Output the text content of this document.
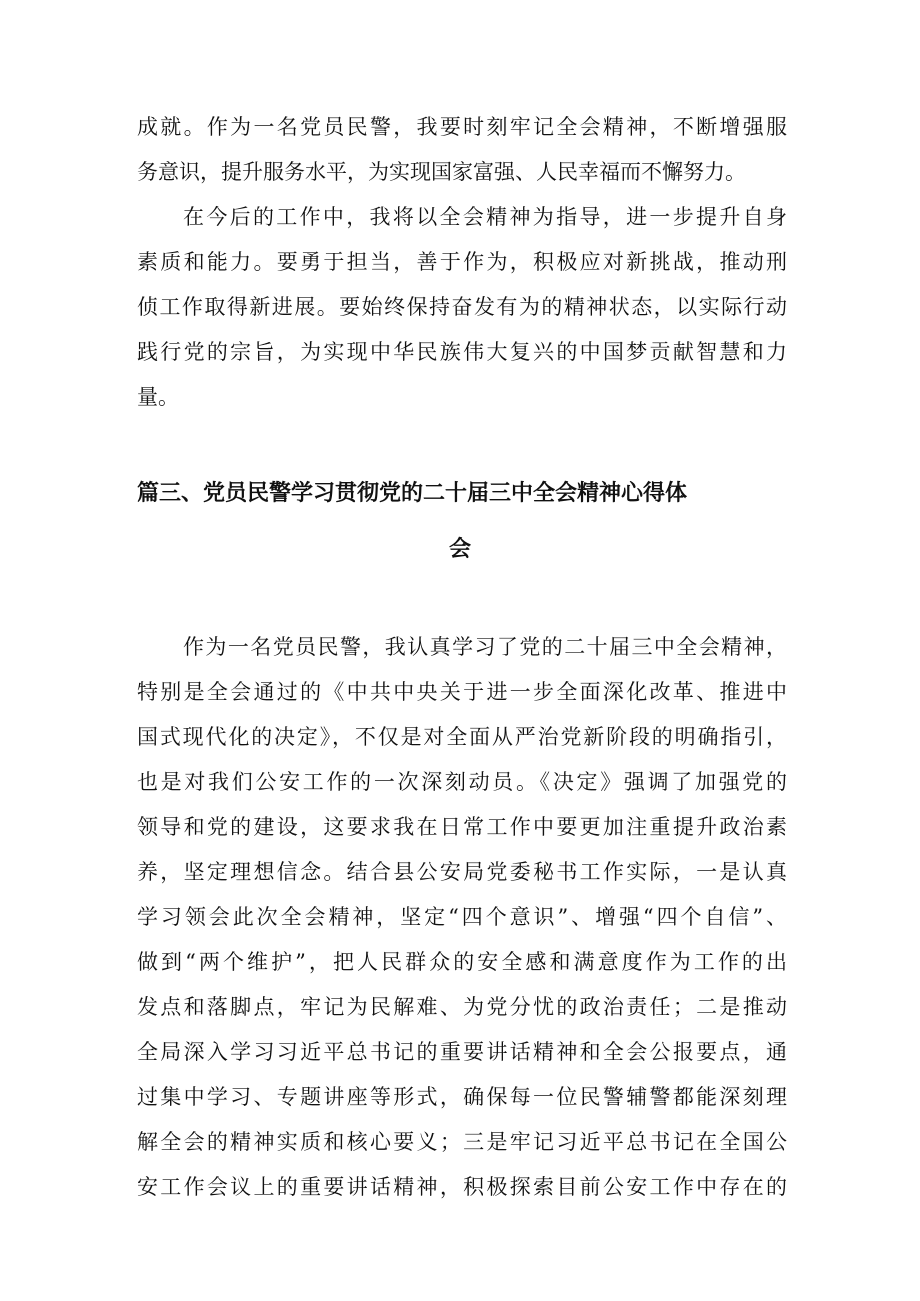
成就。作为一名党员民警，我要时刻牢记全会精神，不断增强服
务意识，提升服务水平，为实现国家富强、人民幸福而不懈努力。
在今后的工作中，我将以全会精神为指导，进一步提升自身
素质和能力。要勇于担当，善于作为，积极应对新挑战，推动刑
侦工作取得新进展。要始终保持奋发有为的精神状态，以实际行动
践行党的宗旨，为实现中华民族伟大复兴的中国梦贡献智慧和力
量。
篇三、党员民警学习贯彻党的二十届三中全会精神心得体
会
作为一名党员民警，我认真学习了党的二十届三中全会精神，
特别是全会通过的《中共中央关于进一步全面深化改革、推进中
国式现代化的决定》，不仅是对全面从严治党新阶段的明确指引，
也是对我们公安工作的一次深刻动员。《决定》强调了加强党的
领导和党的建设，这要求我在日常工作中要更加注重提升政治素
养，坚定理想信念。结合县公安局党委秘书工作实际，一是认真
学习领会此次全会精神，坚定“四个意识”、增强“四个自信”、
做到“两个维护”，把人民群众的安全感和满意度作为工作的出
发点和落脚点，牢记为民解难、为党分忧的政治责任；二是推动
全局深入学习习近平总书记的重要讲话精神和全会公报要点，通
过集中学习、专题讲座等形式，确保每一位民警辅警都能深刻理
解全会的精神实质和核心要义；三是牢记习近平总书记在全国公
安工作会议上的重要讲话精神，积极探索目前公安工作中存在的
